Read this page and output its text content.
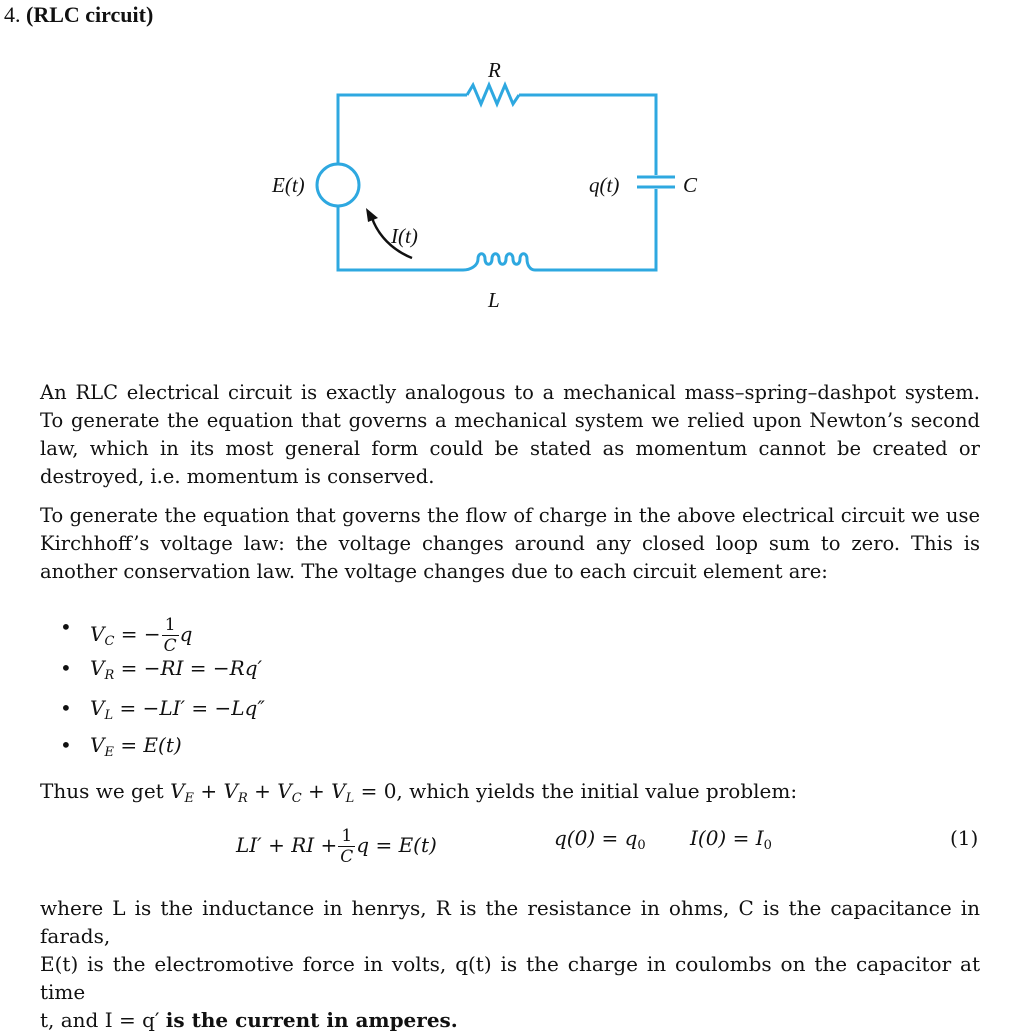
4. (RLC circuit)
R
L
C
E(t)
I(t)
q(t)
An RLC electrical circuit is exactly analogous to a mechanical mass–spring–dashpot system. To generate the equation that governs a mechanical system we relied upon Newton’s second law, which in its most general form could be stated as momentum cannot be created or destroyed, i.e. momentum is conserved.
To generate the equation that governs the flow of charge in the above electrical circuit we use Kirchhoff’s voltage law: the voltage changes around any closed loop sum to zero. This is another conservation law. The voltage changes due to each circuit element are:
• $V_C$ = − $\frac{1}{C}$ q
• $V_R = -RI = -Rq'$
• $V_L = -LI' = -Lq''$
• $V_E = E(t)$
Thus we get $V_E + V_R + V_C + V_L = 0$, which yields the initial value problem:
LI′ + RI + $\frac{1}{C}$ q = E(t)	$q(0) = q_0$ $I(0) = I_0$	(1)
where L is the inductance in henrys, R is the resistance in ohms, C is the capacitance in farads,
E(t) is the electromotive force in volts, q(t) is the charge in coulombs on the capacitor at time
t, and I = q′ is the current in amperes.
